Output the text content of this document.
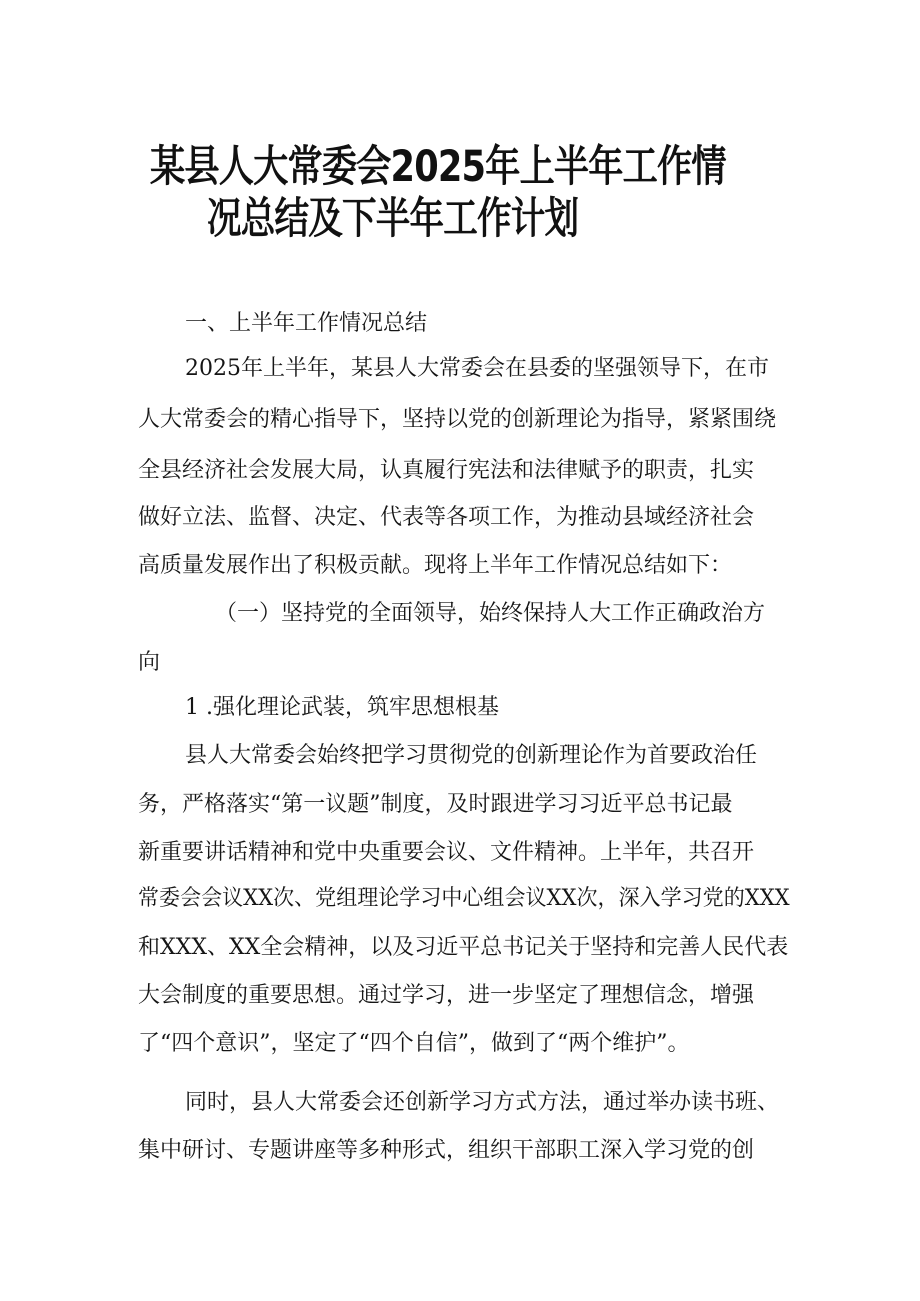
某县人大常委会2025年上半年工作情
况总结及下半年工作计划
一、上半年工作情况总结
2025年上半年，某县人大常委会在县委的坚强领导下，在市
人大常委会的精心指导下，坚持以党的创新理论为指导，紧紧围绕
全县经济社会发展大局，认真履行宪法和法律赋予的职责，扎实
做好立法、监督、决定、代表等各项工作，为推动县域经济社会
高质量发展作出了积极贡献。现将上半年工作情况总结如下：
（一）坚持党的全面领导，始终保持人大工作正确政治方
向
1 .强化理论武装，筑牢思想根基
县人大常委会始终把学习贯彻党的创新理论作为首要政治任
务，严格落实“第一议题”制度，及时跟进学习习近平总书记最
新重要讲话精神和党中央重要会议、文件精神。上半年，共召开
常委会会议XX次、党组理论学习中心组会议XX次，深入学习党的XXX
和XXX、XX全会精神，以及习近平总书记关于坚持和完善人民代表
大会制度的重要思想。通过学习，进一步坚定了理想信念，增强
了“四个意识”，坚定了“四个自信”，做到了“两个维护”。
同时，县人大常委会还创新学习方式方法，通过举办读书班、
集中研讨、专题讲座等多种形式，组织干部职工深入学习党的创
